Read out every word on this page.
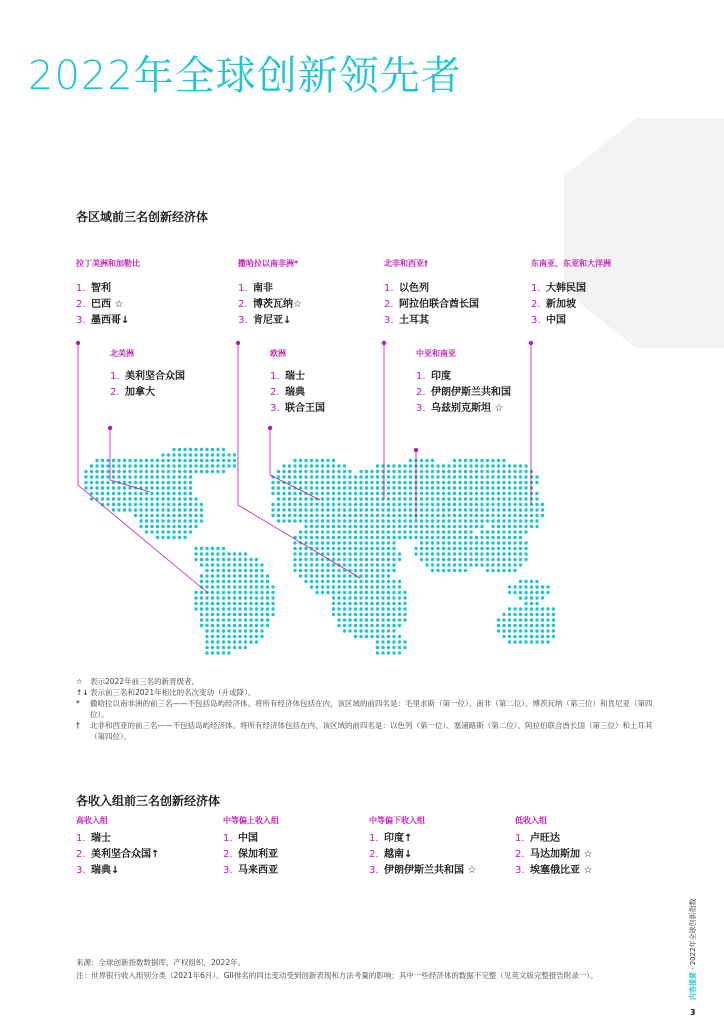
2022年全球创新领先者
各区域前三名创新经济体
拉丁美洲和加勒比
1. 智利
2. 巴西 ☆
3. 墨西哥↓
撒哈拉以南非洲*
1. 南非
2. 博茨瓦纳☆
3. 肯尼亚↓
北非和西亚†
1. 以色列
2. 阿拉伯联合酋长国
3. 土耳其
东南亚、东亚和大洋洲
1. 大韩民国
2. 新加坡
3. 中国
北美洲
1. 美利坚合众国
2. 加拿大
欧洲
1. 瑞士
2. 瑞典
3. 联合王国
中亚和南亚
1. 印度
2. 伊朗伊斯兰共和国
3. 乌兹别克斯坦 ☆
☆ 表示2022年前三名的新晋级者。
↑↓ 表示前三名和2021年相比的名次变动（升或降）。
*	撒哈拉以南非洲的前三名——不包括岛屿经济体。将所有经济体包括在内，该区域的前四名是：毛里求斯（第一位）、南非（第二位）、博茨瓦纳（第三位）和肯尼亚（第四位）。
†	北非和西亚的前三名——不包括岛屿经济体。将所有经济体包括在内，该区域的前四名是：以色列（第一位）、塞浦路斯（第二位）、阿拉伯联合酋长国（第三位）和土耳其（第四位）。
各收入组前三名创新经济体
高收入组
1. 瑞士
2. 美利坚合众国↑
3. 瑞典↓
中等偏上收入组
1. 中国
2. 保加利亚
3. 马来西亚
中等偏下收入组
1. 印度↑
2. 越南↓
3. 伊朗伊斯兰共和国 ☆
低收入组
1. 卢旺达
2. 马达加斯加 ☆
3. 埃塞俄比亚 ☆
来源：全球创新指数数据库，产权组织，2022年。
注：世界银行收入组别分类（2021年6月）。GII排名的同比变动受到创新表现和方法考量的影响；其中一些经济体的数据不完整（见英文版完整报告附录一）。	内容提要 · 2022年全球创新指数
3
